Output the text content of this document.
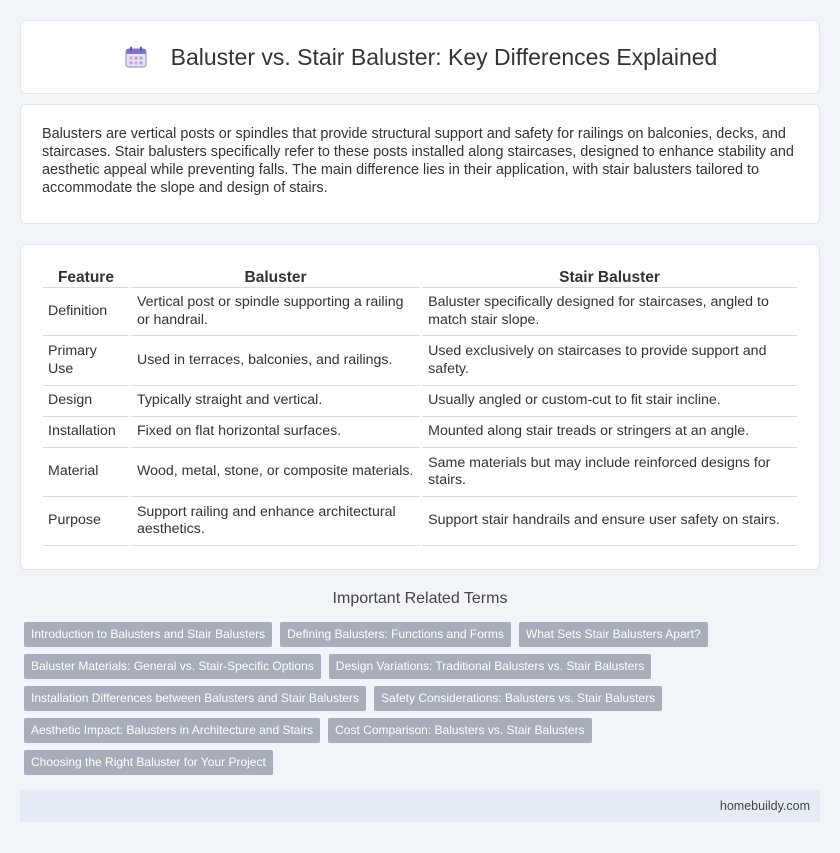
Baluster vs. Stair Baluster: Key Differences Explained

Balusters are vertical posts or spindles that provide structural support and safety for railings on balconies, decks, and staircases. Stair balusters specifically refer to these posts installed along staircases, designed to enhance stability and aesthetic appeal while preventing falls. The main difference lies in their application, with stair balusters tailored to accommodate the slope and design of stairs.

Feature	Baluster	Stair Baluster
Definition	Vertical post or spindle supporting a railing or handrail.	Baluster specifically designed for staircases, angled to match stair slope.
Primary Use	Used in terraces, balconies, and railings.	Used exclusively on staircases to provide support and safety.
Design	Typically straight and vertical.	Usually angled or custom-cut to fit stair incline.
Installation	Fixed on flat horizontal surfaces.	Mounted along stair treads or stringers at an angle.
Material	Wood, metal, stone, or composite materials.	Same materials but may include reinforced designs for stairs.
Purpose	Support railing and enhance architectural aesthetics.	Support stair handrails and ensure user safety on stairs.
Important Related Terms
Introduction to Balusters and Stair Balusters	Defining Balusters: Functions and Forms	What Sets Stair Balusters Apart?
Baluster Materials: General vs. Stair-Specific Options	Design Variations: Traditional Balusters vs. Stair Balusters
Installation Differences between Balusters and Stair Balusters	Safety Considerations: Balusters vs. Stair Balusters
Aesthetic Impact: Balusters in Architecture and Stairs	Cost Comparison: Balusters vs. Stair Balusters
Choosing the Right Baluster for Your Project
homebuildy.com
